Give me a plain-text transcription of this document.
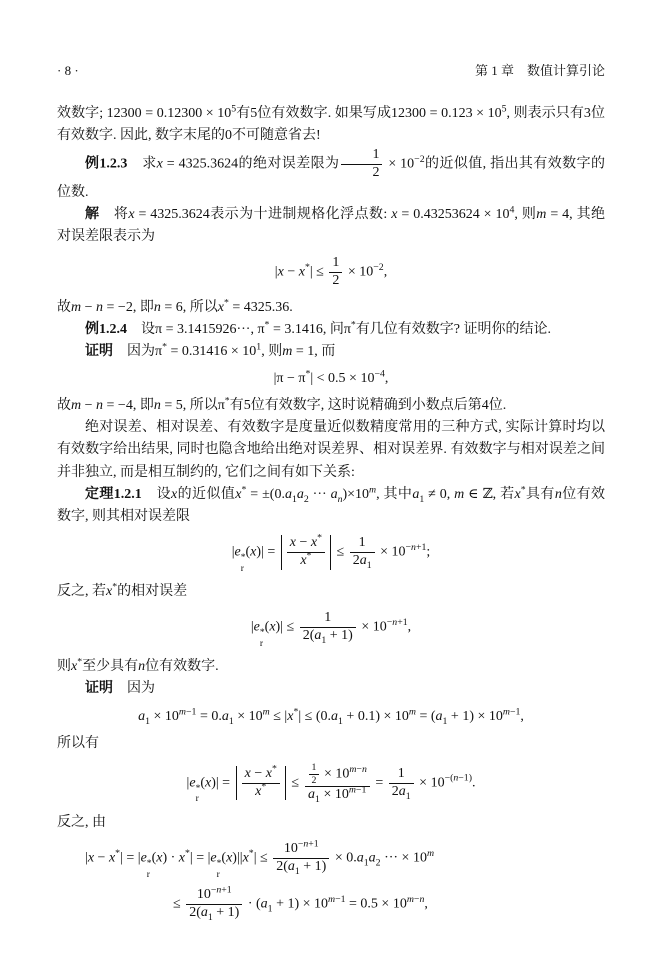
· 8 ·	第 1 章　数值计算引论

效数字; $12300 = 0.12300 \times 10^5$有5位有效数字. 如果写成$12300 = 0.123 \times 10^5$, 则表示只有3位有效数字. 因此, 数字末尾的0不可随意省去!

例1.2.3　求x = 4325.3624的绝对误差限为 $\frac{1}{2} \times 10^{-2}$的近似值, 指出其有效数字的位数.

解　将x = 4325.3624表示为十进制规格化浮点数: $x = 0.43253624 \times 10^4$, 则m = 4, 其绝对误差限表示为

$|x - x^*| \le \frac{1}{2} \times 10^{-2}$,

故m − n = −2, 即n = 6, 所以x* = 4325.36.

例1.2.4　设π = 3.1415926···, π* = 3.1416, 问π*有几位有效数字? 证明你的结论.

证明　因为$\pi^* = 0.31416 \times 10^1$, 则m = 1, 而

$|\pi - \pi^*| < 0.5 \times 10^{-4}$,

故m − n = −4, 即n = 5, 所以π*有5位有效数字, 这时说精确到小数点后第4位.

绝对误差、相对误差、有效数字是度量近似数精度常用的三种方式, 实际计算时均以有效数字给出结果, 同时也隐含地给出绝对误差界、相对误差界. 有效数字与相对误差之间并非独立, 而是相互制约的, 它们之间有如下关系:

定理1.2.1　设x的近似值$x^* = \pm(0.a_1a_2$ ··· $a_n)\times 10^m$, 其中$a_1 \ne 0$, m ∈ ℤ, 若x*具有n位有效数字, 则其相对误差限

|e *
r
$(x)| = \frac{x - x^*}{x^*} \le \frac{1}{2a_1} \times 10^{-n+1}$;

反之, 若x*的相对误差

|e *
r
$(x)| \le \frac{1}{2(a_1 + 1)} \times 10^{-n+1}$,

则x*至少具有n位有效数字.

证明　因为

$a_1 \times 10^{m-1} = 0.a_1 \times 10^m \le |x^*| \le (0.a_1 + 0.1) \times 10^m = (a_1 + 1) \times 10^{m-1}$,

所以有

|e *
r
$(x)| = \frac{x - x^*}{x^*} \le \frac{\frac{1}{2} \times 10^{m-n}}{a_1 \times 10^{m-1}} = \frac{1}{2a_1} \times 10^{-(n-1)}$.

反之, 由

|x − x*| = |e *
r
(x) · x*| = |e *
r
$(x)||x^*| \le \frac{10^{-n+1}}{2(a_1 + 1)} \times 0.a_1a_2$ ··· × $10^m$
≤ $\frac{10^{-n+1}}{2(a_1 + 1)} \cdot (a_1 + 1) \times 10^{m-1} = 0.5 \times 10^{m-n}$,
